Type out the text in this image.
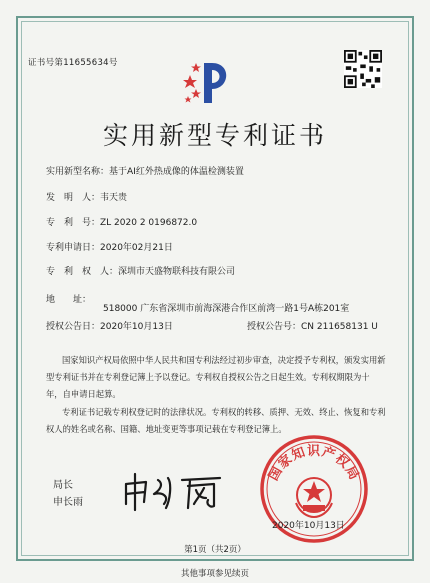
证书号第11655634号
实用新型专利证书
实用新型名称：基于AI红外热成像的体温检测装置
发　明　人：韦天贵
专　利　号：ZL 2020 2 0196872.0
专利申请日：2020年02月21日
专　利　权　人：深圳市天盛物联科技有限公司
地　　址：
518000 广东省深圳市前海深港合作区前湾一路1号A栋201室
授权公告日：2020年10月13日	授权公告号：CN 211658131 U
国家知识产权局依照中华人民共和国专利法经过初步审查，决定授予专利权，颁发实用新型专利证书并在专利登记簿上予以登记。专利权自授权公告之日起生效。专利权期限为十年，自申请日起算。
专利证书记载专利权登记时的法律状况。专利权的转移、质押、无效、终止、恢复和专利权人的姓名或名称、国籍、地址变更等事项记载在专利登记簿上。
局长
申长雨
国家知识产权局
2020年10月13日
第1页（共2页）
其他事项参见续页
